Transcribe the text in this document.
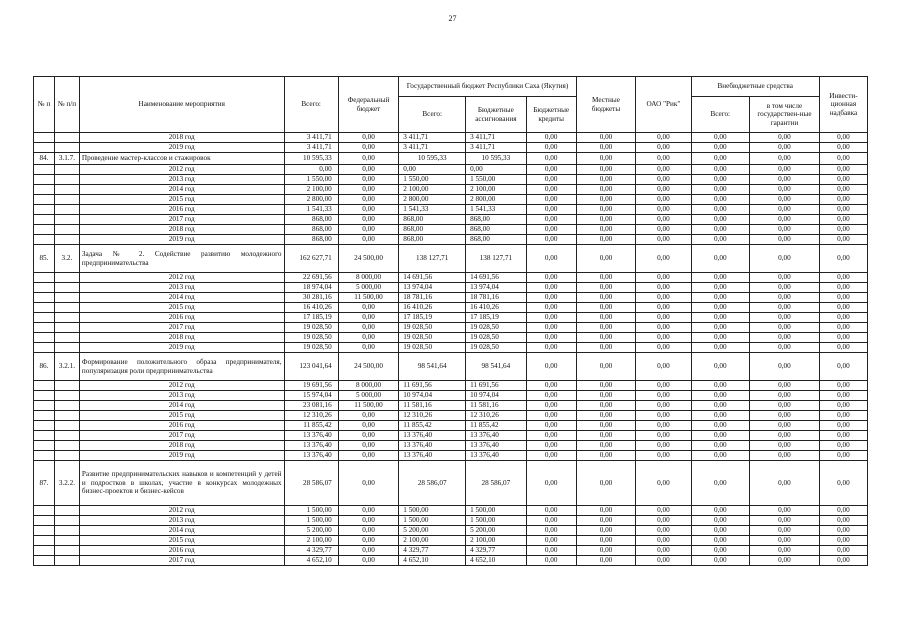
27
№ п	№ п/п	Наименование мероприятия	Всего:	Федеральный бюджет	Государственный бюджет Республики Саха (Якутия)			Местные бюджеты	ОАО "Рик"	Внебюджетные средства		Инвести-ционная надбавка
					Всего:	Бюджетные ассигнования	Бюджетные кредиты			Всего:	в том числе государствен-ные гарантии	
		2018 год	3 411,71	0,00	3 411,71	3 411,71	0,00	0,00	0,00	0,00	0,00	0,00
		2019 год	3 411,71	0,00	3 411,71	3 411,71	0,00	0,00	0,00	0,00	0,00	0,00
84.	3.1.7.	Проведение мастер-классов и стажировок	10 595,33	0,00	10 595,33	10 595,33	0,00	0,00	0,00	0,00	0,00	0,00
		2012 год	0,00	0,00	0,00	0,00	0,00	0,00	0,00	0,00	0,00	0,00
		2013 год	1 550,00	0,00	1 550,00	1 550,00	0,00	0,00	0,00	0,00	0,00	0,00
		2014 год	2 100,00	0,00	2 100,00	2 100,00	0,00	0,00	0,00	0,00	0,00	0,00
		2015 год	2 800,00	0,00	2 800,00	2 800,00	0,00	0,00	0,00	0,00	0,00	0,00
		2016 год	1 541,33	0,00	1 541,33	1 541,33	0,00	0,00	0,00	0,00	0,00	0,00
		2017 год	868,00	0,00	868,00	868,00	0,00	0,00	0,00	0,00	0,00	0,00
		2018 год	868,00	0,00	868,00	868,00	0,00	0,00	0,00	0,00	0,00	0,00
		2019 год	868,00	0,00	868,00	868,00	0,00	0,00	0,00	0,00	0,00	0,00
85.	3.2.	Задача № 2. Содействие развитию молодежного предпринимательства	162 627,71	24 500,00	138 127,71	138 127,71	0,00	0,00	0,00	0,00	0,00	0,00
		2012 год	22 691,56	8 000,00	14 691,56	14 691,56	0,00	0,00	0,00	0,00	0,00	0,00
		2013 год	18 974,04	5 000,00	13 974,04	13 974,04	0,00	0,00	0,00	0,00	0,00	0,00
		2014 год	30 281,16	11 500,00	18 781,16	18 781,16	0,00	0,00	0,00	0,00	0,00	0,00
		2015 год	16 410,26	0,00	16 410,26	16 410,26	0,00	0,00	0,00	0,00	0,00	0,00
		2016 год	17 185,19	0,00	17 185,19	17 185,19	0,00	0,00	0,00	0,00	0,00	0,00
		2017 год	19 028,50	0,00	19 028,50	19 028,50	0,00	0,00	0,00	0,00	0,00	0,00
		2018 год	19 028,50	0,00	19 028,50	19 028,50	0,00	0,00	0,00	0,00	0,00	0,00
		2019 год	19 028,50	0,00	19 028,50	19 028,50	0,00	0,00	0,00	0,00	0,00	0,00
86.	3.2.1.	Формирование положительного образа предпринимателя, популяризация роли предпринимательства	123 041,64	24 500,00	98 541,64	98 541,64	0,00	0,00	0,00	0,00	0,00	0,00
		2012 год	19 691,56	8 000,00	11 691,56	11 691,56	0,00	0,00	0,00	0,00	0,00	0,00
		2013 год	15 974,04	5 000,00	10 974,04	10 974,04	0,00	0,00	0,00	0,00	0,00	0,00
		2014 год	23 081,16	11 500,00	11 581,16	11 581,16	0,00	0,00	0,00	0,00	0,00	0,00
		2015 год	12 310,26	0,00	12 310,26	12 310,26	0,00	0,00	0,00	0,00	0,00	0,00
		2016 год	11 855,42	0,00	11 855,42	11 855,42	0,00	0,00	0,00	0,00	0,00	0,00
		2017 год	13 376,40	0,00	13 376,40	13 376,40	0,00	0,00	0,00	0,00	0,00	0,00
		2018 год	13 376,40	0,00	13 376,40	13 376,40	0,00	0,00	0,00	0,00	0,00	0,00
		2019 год	13 376,40	0,00	13 376,40	13 376,40	0,00	0,00	0,00	0,00	0,00	0,00
87.	3.2.2.	Развитие предпринимательских навыков и компетенций у детей и подростков в школах, участие в конкурсах молодежных бизнес-проектов и бизнес-кейсов	28 586,07	0,00	28 586,07	28 586,07	0,00	0,00	0,00	0,00	0,00	0,00
		2012 год	1 500,00	0,00	1 500,00	1 500,00	0,00	0,00	0,00	0,00	0,00	0,00
		2013 год	1 500,00	0,00	1 500,00	1 500,00	0,00	0,00	0,00	0,00	0,00	0,00
		2014 год	5 200,00	0,00	5 200,00	5 200,00	0,00	0,00	0,00	0,00	0,00	0,00
		2015 год	2 100,00	0,00	2 100,00	2 100,00	0,00	0,00	0,00	0,00	0,00	0,00
		2016 год	4 329,77	0,00	4 329,77	4 329,77	0,00	0,00	0,00	0,00	0,00	0,00
		2017 год	4 652,10	0,00	4 652,10	4 652,10	0,00	0,00	0,00	0,00	0,00	0,00
